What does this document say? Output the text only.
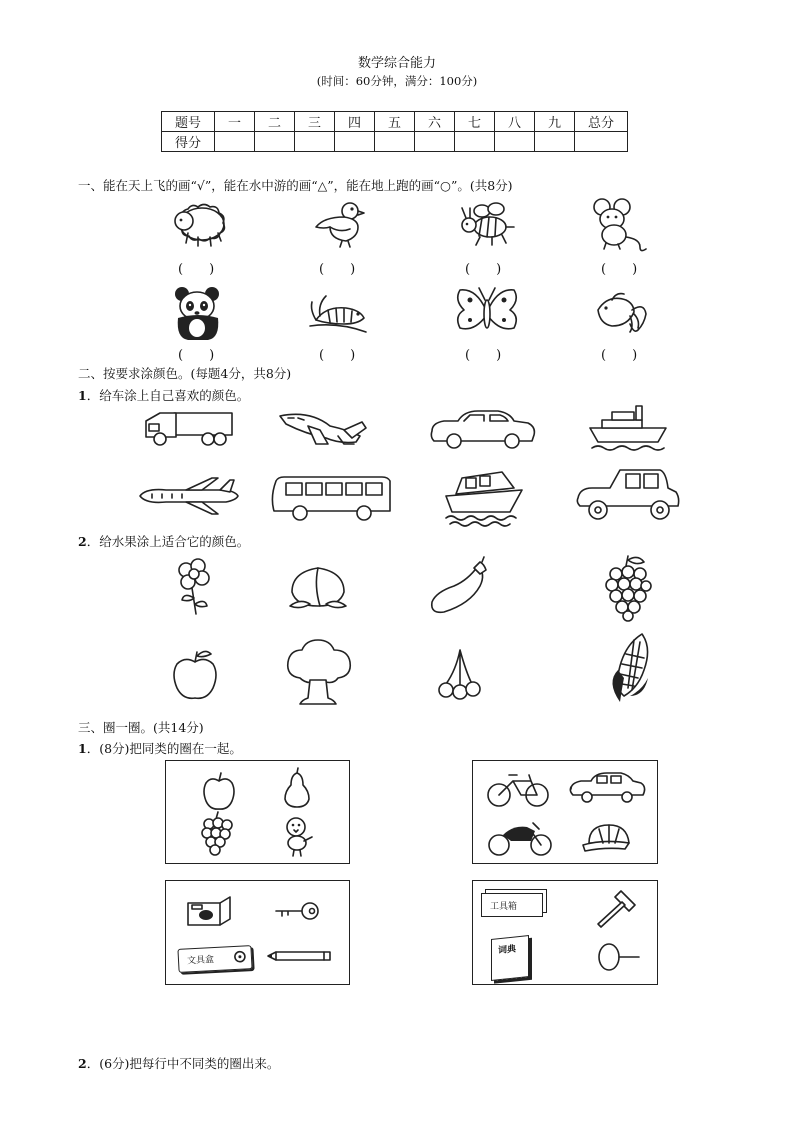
数学综合能力
(时间：60分钟，满分：100分)
题号	一	二	三	四	五	六	七	八	九	总分
得分										
一、能在天上飞的画“√”，能在水中游的画“△”，能在地上跑的画“○”。(共8分)
(　　)	(　　)	(　　)	(　　)
(　　)	(　　)	(　　)	(　　)
二、按要求涂颜色。(每题4分，共8分)
1．给车涂上自己喜欢的颜色。
2．给水果涂上适合它的颜色。
三、圈一圈。(共14分)
1．(8分)把同类的圈在一起。
文具盒
工具箱
词典
2．(6分)把每行中不同类的圈出来。
